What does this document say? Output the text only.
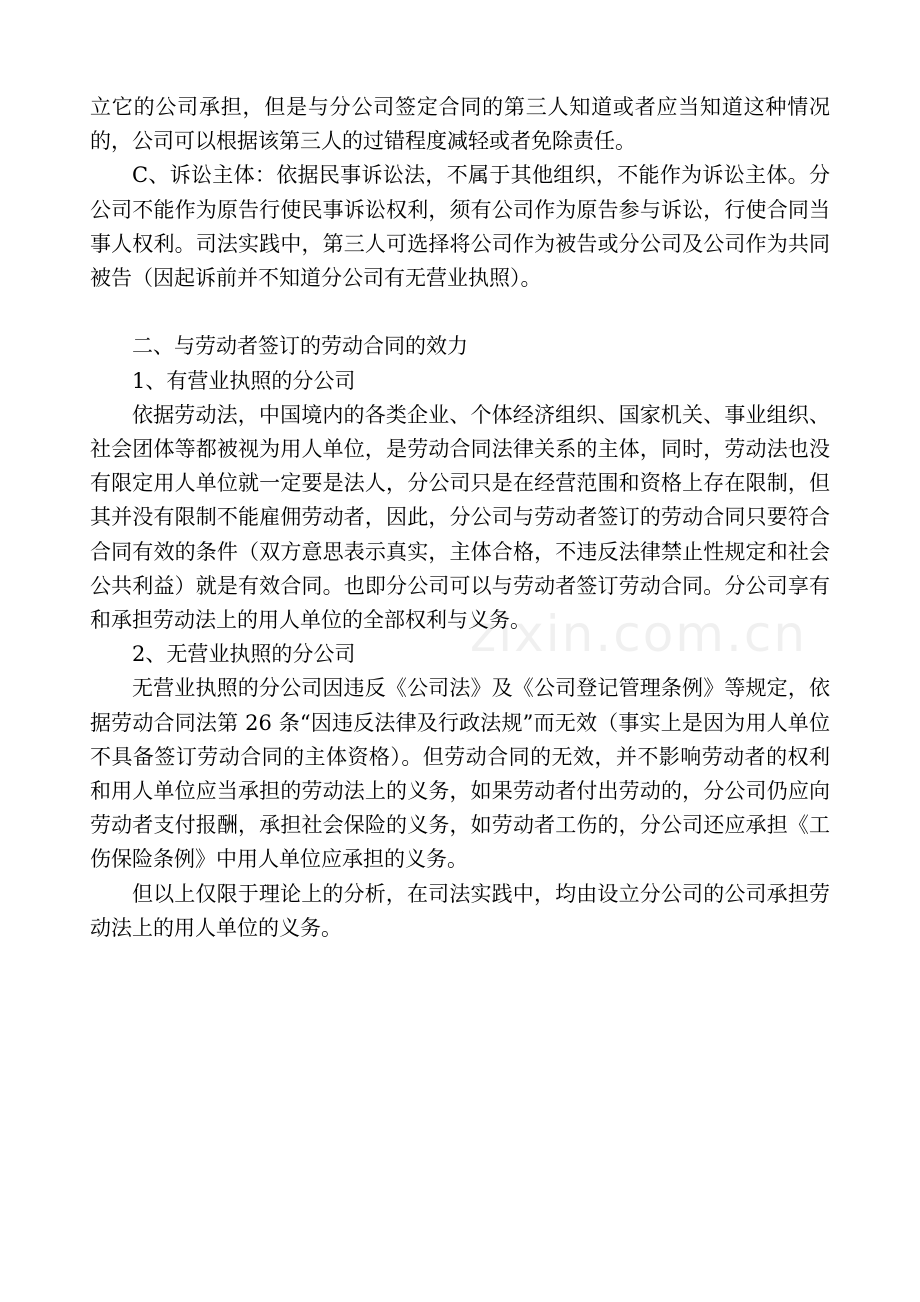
立它的公司承担，但是与分公司签定合同的第三人知道或者应当知道这种情况的，公司可以根据该第三人的过错程度减轻或者免除责任。

C、诉讼主体：依据民事诉讼法，不属于其他组织，不能作为诉讼主体。分公司不能作为原告行使民事诉讼权利，须有公司作为原告参与诉讼，行使合同当事人权利。司法实践中，第三人可选择将公司作为被告或分公司及公司作为共同被告（因起诉前并不知道分公司有无营业执照）。

二、与劳动者签订的劳动合同的效力

1、有营业执照的分公司

依据劳动法，中国境内的各类企业、个体经济组织、国家机关、事业组织、社会团体等都被视为用人单位，是劳动合同法律关系的主体，同时，劳动法也没有限定用人单位就一定要是法人，分公司只是在经营范围和资格上存在限制，但其并没有限制不能雇佣劳动者，因此，分公司与劳动者签订的劳动合同只要符合合同有效的条件（双方意思表示真实，主体合格，不违反法律禁止性规定和社会公共利益）就是有效合同。也即分公司可以与劳动者签订劳动合同。分公司享有和承担劳动法上的用人单位的全部权利与义务。

2、无营业执照的分公司

无营业执照的分公司因违反《公司法》及《公司登记管理条例》等规定，依据劳动合同法第 26 条“因违反法律及行政法规”而无效（事实上是因为用人单位不具备签订劳动合同的主体资格）。但劳动合同的无效，并不影响劳动者的权利和用人单位应当承担的劳动法上的义务，如果劳动者付出劳动的，分公司仍应向劳动者支付报酬，承担社会保险的义务，如劳动者工伤的，分公司还应承担《工伤保险条例》中用人单位应承担的义务。

但以上仅限于理论上的分析，在司法实践中，均由设立分公司的公司承担劳动法上的用人单位的义务。

zixin.com.cn
